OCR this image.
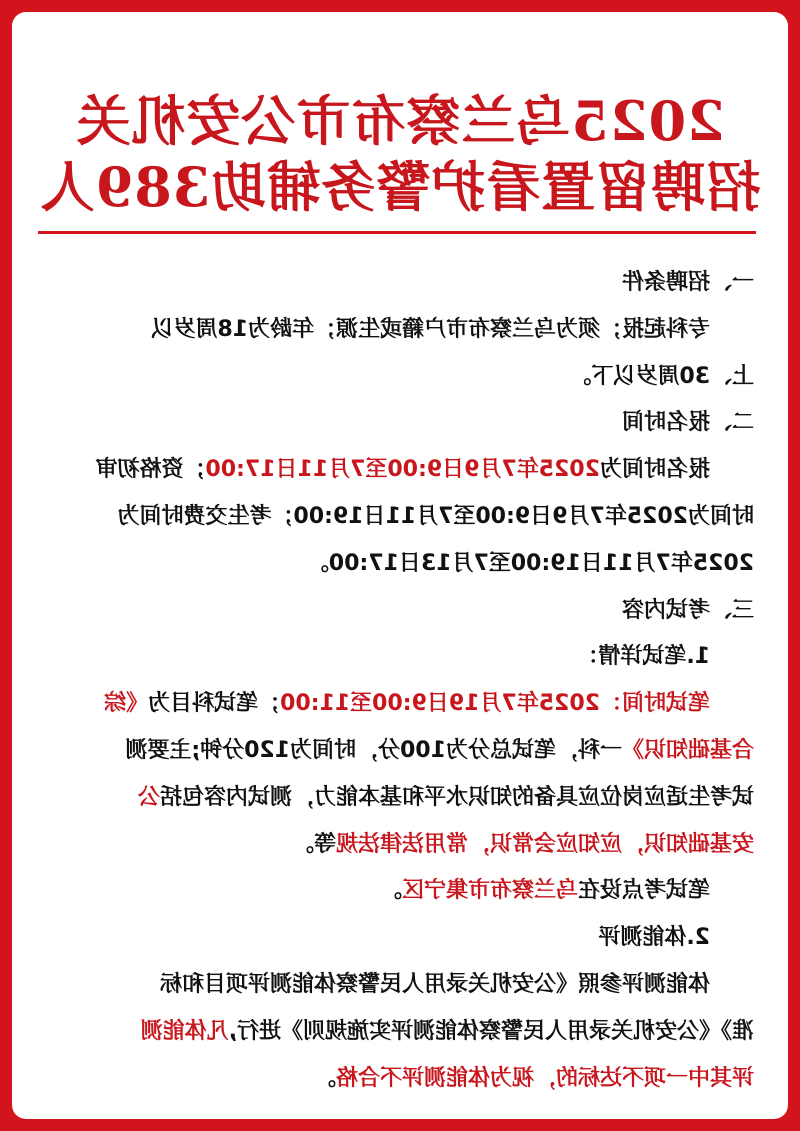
2025乌兰察布市公安机关
招聘留置看护警务辅助389人

一、招聘条件

专科起报；须为乌兰察布市户籍或生源；年龄为18周岁以

上、30周岁以下。

二、报名时间

报名时间为2025年7月9日9:00至7月11日17:00；资格初审

时间为2025年7月9日9:00至7月11日19:00；考生交费时间为

2025年7月11日19:00至7月13日17:00。

三、考试内容

1.笔试详情：

笔试时间：2025年7月19日9:00至11:00；笔试科目为《综

合基础知识》一科，笔试总分为100分，时间为120分钟;主要测

试考生适应岗位应具备的知识水平和基本能力，测试内容包括公

安基础知识，应知应会常识，常用法律法规等。

笔试考点设在乌兰察布市集宁区。

2.体能测评

体能测评参照《公安机关录用人民警察体能测评项目和标

准》《公安机关录用人民警察体能测评实施规则》进行,凡体能测

评其中一项不达标的，视为体能测评不合格。
